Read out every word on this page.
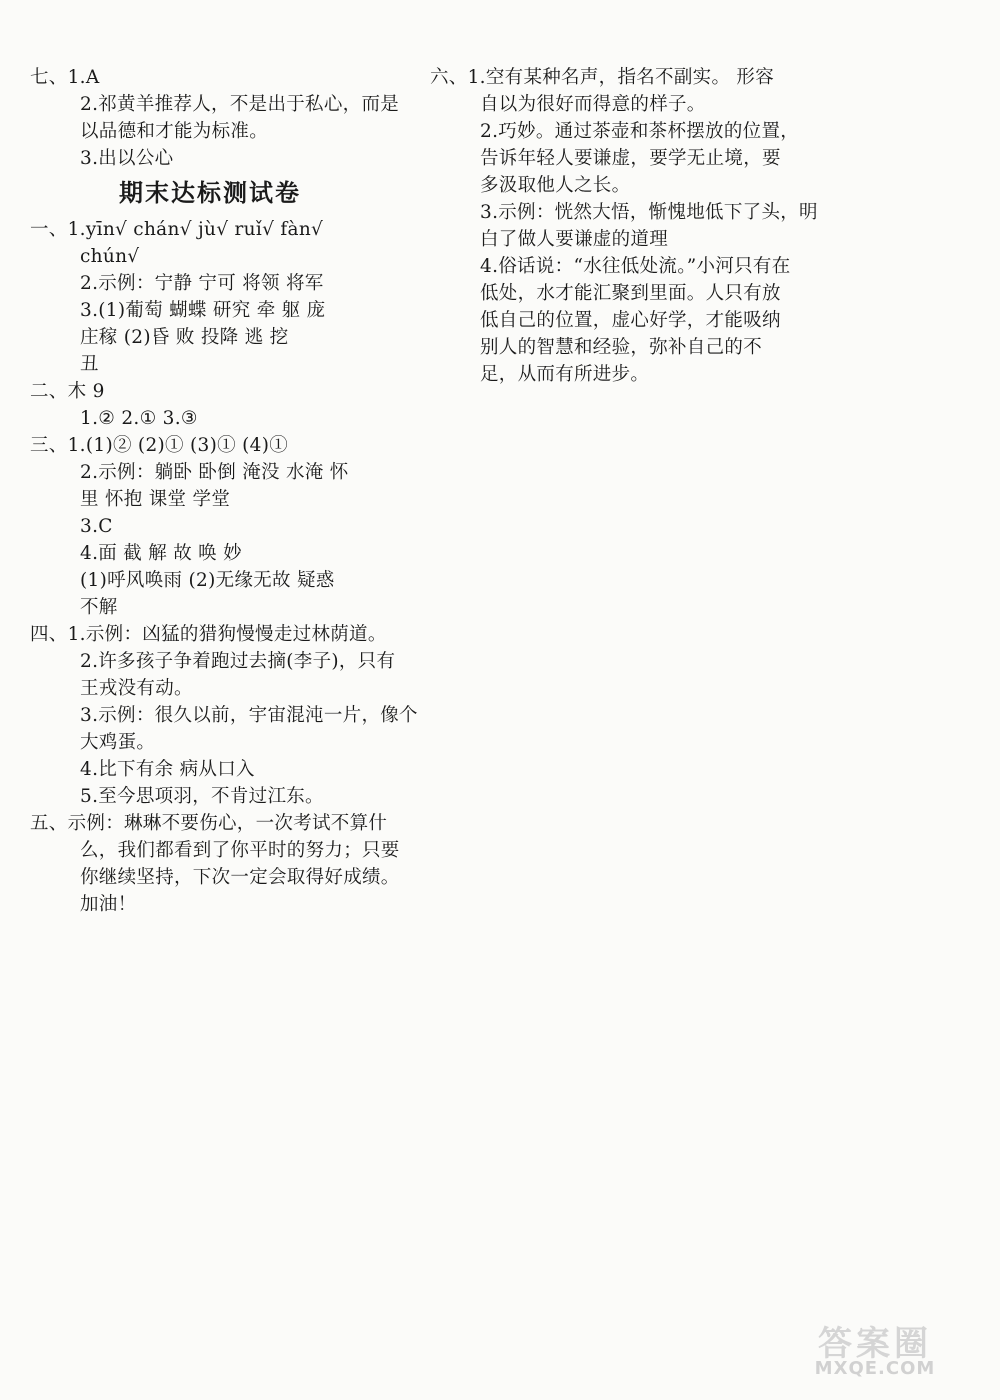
七、1.A
2.祁黄羊推荐人，不是出于私心，而是
以品德和才能为标准。
3.出以公心
期末达标测试卷
一、1.yīn√ chán√ jù√ ruǐ√ fàn√
chún√
2.示例：宁静 宁可 将领 将军
3.(1)葡萄 蝴蝶 研究 牵 躯 庞
庄稼 (2)昏 败 投降 逃 挖
丑
二、木 9
1.② 2.① 3.③
三、1.(1)② (2)① (3)① (4)①
2.示例：躺卧 卧倒 淹没 水淹 怀
里 怀抱 课堂 学堂
3.C
4.面 截 解 故 唤 妙
(1)呼风唤雨 (2)无缘无故 疑惑
不解
四、1.示例：凶猛的猎狗慢慢走过林荫道。
2.许多孩子争着跑过去摘(李子)，只有
王戎没有动。
3.示例：很久以前，宇宙混沌一片，像个
大鸡蛋。
4.比下有余 病从口入
5.至今思项羽，不肯过江东。
五、示例：琳琳不要伤心，一次考试不算什
么，我们都看到了你平时的努力；只要
你继续坚持，下次一定会取得好成绩。
加油！
六、1.空有某种名声，指名不副实。 形容
自以为很好而得意的样子。
2.巧妙。通过茶壶和茶杯摆放的位置，
告诉年轻人要谦虚，要学无止境，要
多汲取他人之长。
3.示例：恍然大悟，惭愧地低下了头，明
白了做人要谦虚的道理
4.俗话说：“水往低处流。”小河只有在
低处，水才能汇聚到里面。人只有放
低自己的位置，虚心好学，才能吸纳
别人的智慧和经验，弥补自己的不
足，从而有所进步。
答案圈
MXQE.COM
